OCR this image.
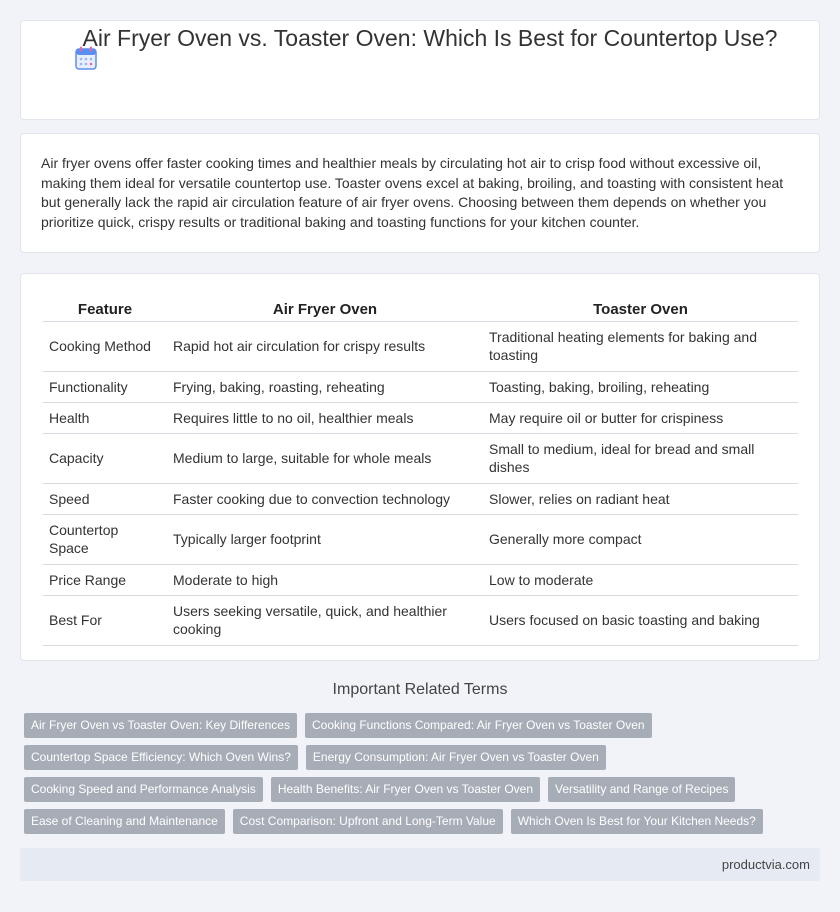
Air Fryer Oven vs. Toaster Oven: Which Is Best for Countertop Use?

Air fryer ovens offer faster cooking times and healthier meals by circulating hot air to crisp food without excessive oil, making them ideal for versatile countertop use. Toaster ovens excel at baking, broiling, and toasting with consistent heat but generally lack the rapid air circulation feature of air fryer ovens. Choosing between them depends on whether you prioritize quick, crispy results or traditional baking and toasting functions for your kitchen counter.

Feature	Air Fryer Oven	Toaster Oven
Cooking Method	Rapid hot air circulation for crispy results	Traditional heating elements for baking and toasting
Functionality	Frying, baking, roasting, reheating	Toasting, baking, broiling, reheating
Health	Requires little to no oil, healthier meals	May require oil or butter for crispiness
Capacity	Medium to large, suitable for whole meals	Small to medium, ideal for bread and small dishes
Speed	Faster cooking due to convection technology	Slower, relies on radiant heat
Countertop Space	Typically larger footprint	Generally more compact
Price Range	Moderate to high	Low to moderate
Best For	Users seeking versatile, quick, and healthier cooking	Users focused on basic toasting and baking
Important Related Terms
Air Fryer Oven vs Toaster Oven: Key Differences	Cooking Functions Compared: Air Fryer Oven vs Toaster Oven
Countertop Space Efficiency: Which Oven Wins?	Energy Consumption: Air Fryer Oven vs Toaster Oven
Cooking Speed and Performance Analysis	Health Benefits: Air Fryer Oven vs Toaster Oven	Versatility and Range of Recipes
Ease of Cleaning and Maintenance	Cost Comparison: Upfront and Long-Term Value	Which Oven Is Best for Your Kitchen Needs?
productvia.com
